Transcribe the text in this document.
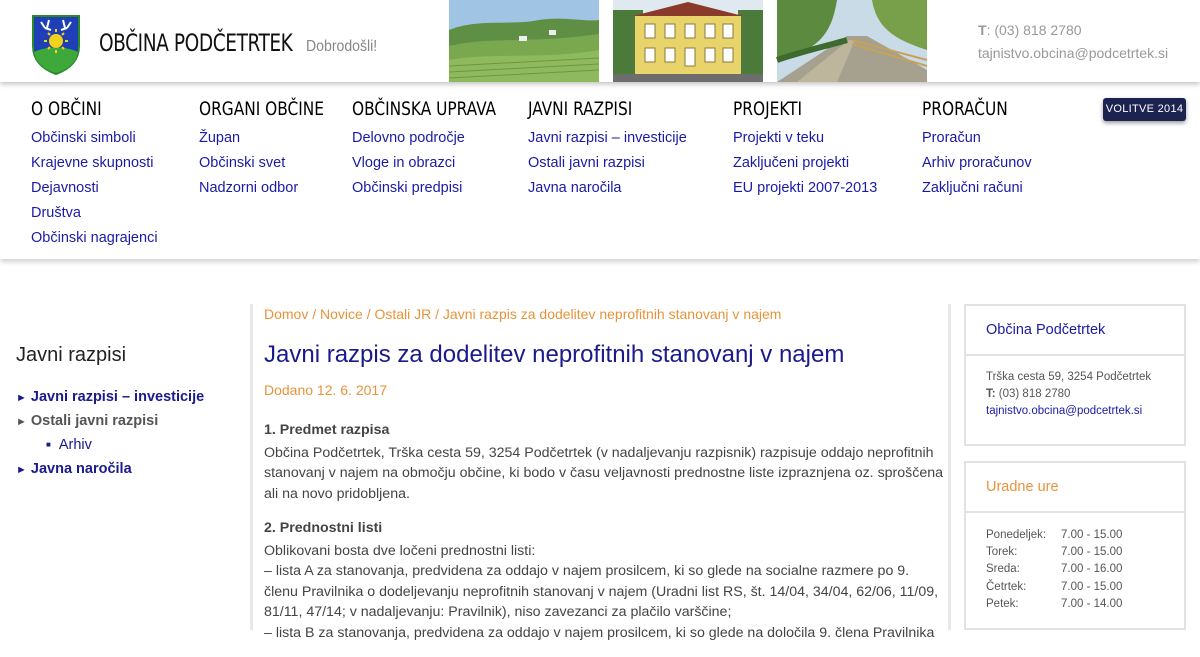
OBČINA PODČETRTEK Dobrodošli!
T: (03) 818 2780
tajnistvo.obcina@podcetrtek.si
O OBČINI
Občinski simboli
Krajevne skupnosti
Dejavnosti
Društva
Občinski nagrajenci
ORGANI OBČINE
Župan
Občinski svet
Nadzorni odbor
OBČINSKA UPRAVA
Delovno področje
Vloge in obrazci
Občinski predpisi
JAVNI RAZPISI
Javni razpisi – investicije
Ostali javni razpisi
Javna naročila
PROJEKTI
Projekti v teku
Zaključeni projekti
EU projekti 2007-2013
PRORAČUN
Proračun
Arhiv proračunov
Zaključni računi
VOLITVE 2014
Javni razpisi
► Javni razpisi – investicije
► Ostali javni razpisi
■ Arhiv
► Javna naročila
Domov / Novice / Ostali JR / Javni razpis za dodelitev neprofitnih stanovanj v najem
Javni razpis za dodelitev neprofitnih stanovanj v najem
Dodano 12. 6. 2017
1. Predmet razpisa

Občina Podčetrtek, Trška cesta 59, 3254 Podčetrtek (v nadaljevanju razpisnik) razpisuje oddajo neprofitnih
stanovanj v najem na območju občine, ki bodo v času veljavnosti prednostne liste izpraznjena oz. sproščena
ali na novo pridobljena.

2. Prednostni listi

Oblikovani bosta dve ločeni prednostni listi:
– lista A za stanovanja, predvidena za oddajo v najem prosilcem, ki so glede na socialne razmere po 9.
členu Pravilnika o dodeljevanju neprofitnih stanovanj v najem (Uradni list RS, št. 14/04, 34/04, 62/06, 11/09,
81/11, 47/14; v nadaljevanju: Pravilnik), niso zavezanci za plačilo varščine;
– lista B za stanovanja, predvidena za oddajo v najem prosilcem, ki so glede na določila 9. člena Pravilnika

Občina Podčetrtek
Trška cesta 59, 3254 Podčetrtek
T: (03) 818 2780
tajnistvo.obcina@podcetrtek.si
Uradne ure
Ponedeljek:	7.00 - 15.00
Torek:	7.00 - 15.00
Sreda:	7.00 - 16.00
Četrtek:	7.00 - 15.00
Petek:	7.00 - 14.00
